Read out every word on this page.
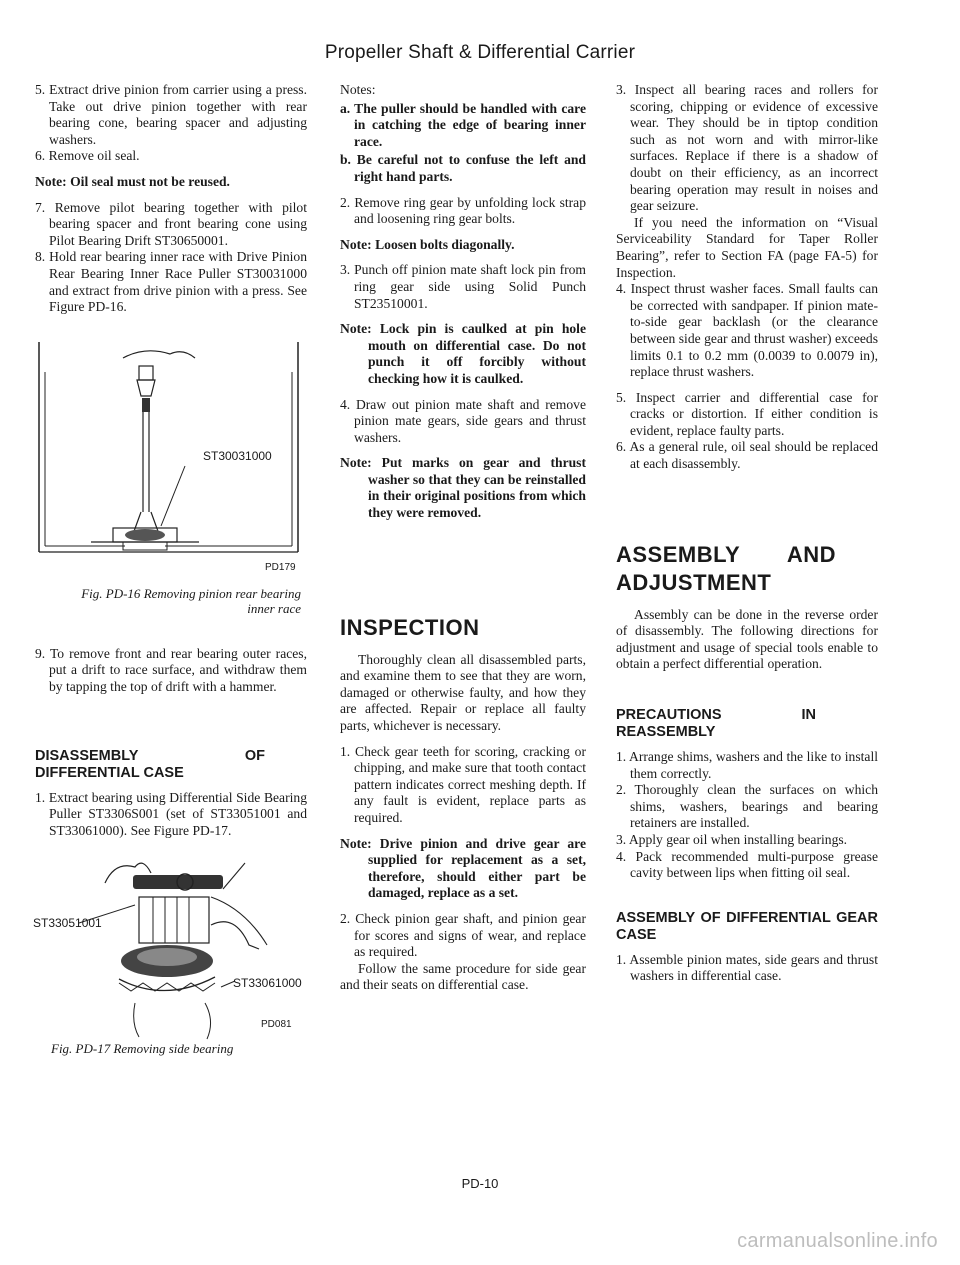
Propeller Shaft & Differential Carrier

5. Extract drive pinion from carrier using a press. Take out drive pinion together with rear bearing cone, bearing spacer and adjusting washers.

6. Remove oil seal.

Note: Oil seal must not be reused.

7. Remove pilot bearing together with pilot bearing spacer and front bearing cone using Pilot Bearing Drift ST30650001.

8. Hold rear bearing inner race with Drive Pinion Rear Bearing Inner Race Puller ST30031000 and extract from drive pinion with a press. See Figure PD-16.

ST30031000
PD179
Fig. PD-16 Removing pinion rear bearing inner race

9. To remove front and rear bearing outer races, put a drift to race surface, and withdraw them by tapping the top of drift with a hammer.

DISASSEMBLY OF DIFFERENTIAL CASE

1. Extract bearing using Differential Side Bearing Puller ST3306S001 (set of ST33051001 and ST33061000). See Figure PD-17.

ST33051001
ST33061000
PD081
Fig. PD-17 Removing side bearing

Notes:

a. The puller should be handled with care in catching the edge of bearing inner race.

b. Be careful not to confuse the left and right hand parts.

2. Remove ring gear by unfolding lock strap and loosening ring gear bolts.

Note: Loosen bolts diagonally.

3. Punch off pinion mate shaft lock pin from ring gear side using Solid Punch ST23510001.

Note: Lock pin is caulked at pin hole mouth on differential case. Do not punch it off forcibly without checking how it is caulked.

4. Draw out pinion mate shaft and remove pinion mate gears, side gears and thrust washers.

Note: Put marks on gear and thrust washer so that they can be reinstalled in their original positions from which they were removed.

INSPECTION

Thoroughly clean all disassembled parts, and examine them to see that they are worn, damaged or otherwise faulty, and how they are affected. Repair or replace all faulty parts, whichever is necessary.

1. Check gear teeth for scoring, cracking or chipping, and make sure that tooth contact pattern indicates correct meshing depth. If any fault is evident, replace parts as required.

Note: Drive pinion and drive gear are supplied for replacement as a set, therefore, should either part be damaged, replace as a set.

2. Check pinion gear shaft, and pinion gear for scores and signs of wear, and replace as required.

Follow the same procedure for side gear and their seats on differential case.

3. Inspect all bearing races and rollers for scoring, chipping or evidence of excessive wear. They should be in tiptop condition such as not worn and with mirror-like surfaces. Replace if there is a shadow of doubt on their efficiency, as an incorrect bearing operation may result in noises and gear seizure.

If you need the information on “Visual Serviceability Standard for Taper Roller Bearing”, refer to Section FA (page FA-5) for Inspection.

4. Inspect thrust washer faces. Small faults can be corrected with sandpaper. If pinion mate-to-side gear backlash (or the clearance between side gear and thrust washer) exceeds limits 0.1 to 0.2 mm (0.0039 to 0.0079 in), replace thrust washers.

5. Inspect carrier and differential case for cracks or distortion. If either condition is evident, replace faulty parts.

6. As a general rule, oil seal should be replaced at each disassembly.

ASSEMBLY AND ADJUSTMENT

Assembly can be done in the reverse order of disassembly. The following directions for adjustment and usage of special tools enable to obtain a perfect differential operation.

PRECAUTIONS IN REASSEMBLY

1. Arrange shims, washers and the like to install them correctly.

2. Thoroughly clean the surfaces on which shims, washers, bearings and bearing retainers are installed.

3. Apply gear oil when installing bearings.

4. Pack recommended multi-purpose grease cavity between lips when fitting oil seal.

ASSEMBLY OF DIFFERENTIAL GEAR CASE

1. Assemble pinion mates, side gears and thrust washers in differential case.

PD-10
carmanualsonline.info
